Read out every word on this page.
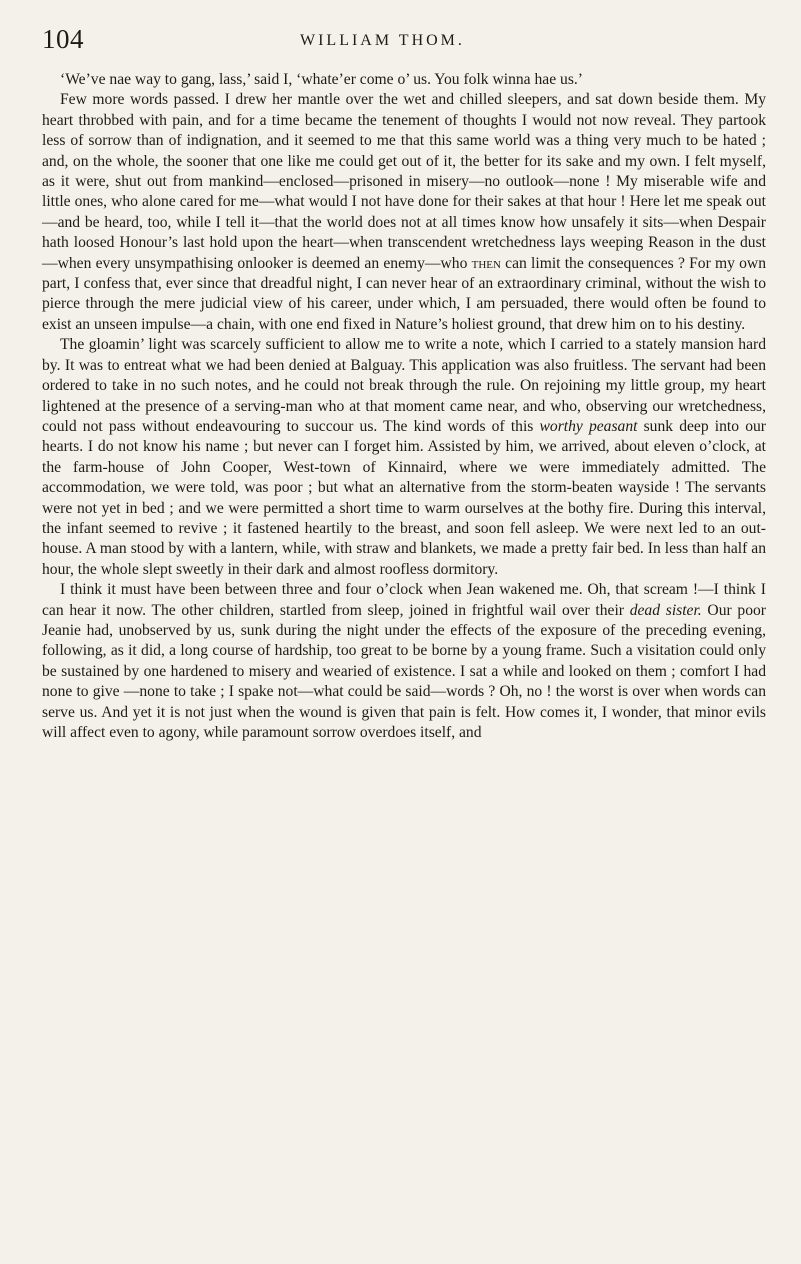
104	WILLIAM THOM.

‘We’ve nae way to gang, lass,’ said I, ‘whate’er come o’ us. You folk winna hae us.’

Few more words passed. I drew her mantle over the wet and chilled sleepers, and sat down beside them. My heart throbbed with pain, and for a time became the tenement of thoughts I would not now reveal. They partook less of sorrow than of indignation, and it seemed to me that this same world was a thing very much to be hated ; and, on the whole, the sooner that one like me could get out of it, the better for its sake and my own. I felt myself, as it were, shut out from mankind—enclosed—prisoned in misery—no outlook—none ! My miserable wife and little ones, who alone cared for me—what would I not have done for their sakes at that hour ! Here let me speak out—and be heard, too, while I tell it—that the world does not at all times know how unsafely it sits—when Despair hath loosed Honour’s last hold upon the heart—when transcendent wretchedness lays weeping Reason in the dust—when every unsympathising onlooker is deemed an enemy—who then can limit the consequences ? For my own part, I confess that, ever since that dreadful night, I can never hear of an extraordinary criminal, without the wish to pierce through the mere judicial view of his career, under which, I am persuaded, there would often be found to exist an unseen impulse—a chain, with one end fixed in Nature’s holiest ground, that drew him on to his destiny.

The gloamin’ light was scarcely sufficient to allow me to write a note, which I carried to a stately mansion hard by. It was to entreat what we had been denied at Balguay. This application was also fruitless. The servant had been ordered to take in no such notes, and he could not break through the rule. On rejoining my little group, my heart lightened at the presence of a serving-man who at that moment came near, and who, observing our wretchedness, could not pass without endeavouring to succour us. The kind words of this worthy peasant sunk deep into our hearts. I do not know his name ; but never can I forget him. Assisted by him, we arrived, about eleven o’clock, at the farm-house of John Cooper, West-town of Kinnaird, where we were immediately admitted. The accommodation, we were told, was poor ; but what an alternative from the storm-beaten wayside ! The servants were not yet in bed ; and we were permitted a short time to warm ourselves at the bothy fire. During this interval, the infant seemed to revive ; it fastened heartily to the breast, and soon fell asleep. We were next led to an out-house. A man stood by with a lantern, while, with straw and blankets, we made a pretty fair bed. In less than half an hour, the whole slept sweetly in their dark and almost roofless dormitory.

I think it must have been between three and four o’clock when Jean wakened me. Oh, that scream !—I think I can hear it now. The other children, startled from sleep, joined in frightful wail over their dead sister. Our poor Jeanie had, unobserved by us, sunk during the night under the effects of the exposure of the preceding evening, following, as it did, a long course of hardship, too great to be borne by a young frame. Such a visitation could only be sustained by one hardened to misery and wearied of existence. I sat a while and looked on them ; comfort I had none to give —none to take ; I spake not—what could be said—words ? Oh, no ! the worst is over when words can serve us. And yet it is not just when the wound is given that pain is felt. How comes it, I wonder, that minor evils will affect even to agony, while paramount sorrow overdoes itself, and
